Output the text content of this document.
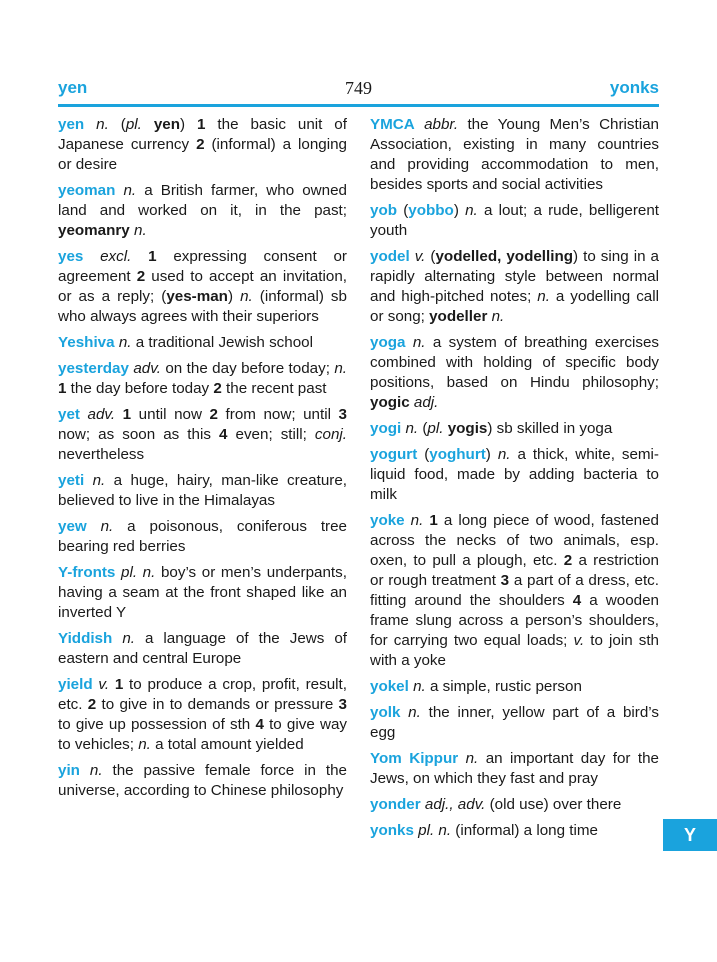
yen	749	yonks
yen n. (pl. yen) 1 the basic unit of Japanese currency 2 (informal) a longing or desire
yeoman n. a British farmer, who owned land and worked on it, in the past; yeomanry n.
yes excl. 1 expressing consent or agreement 2 used to accept an invitation, or as a reply; (yes-man) n. (informal) sb who always agrees with their superiors
Yeshiva n. a traditional Jewish school
yesterday adv. on the day before today; n. 1 the day before today 2 the recent past
yet adv. 1 until now 2 from now; until 3 now; as soon as this 4 even; still; conj. nevertheless
yeti n. a huge, hairy, man-like creature, believed to live in the Himalayas
yew n. a poisonous, coniferous tree bearing red berries
Y-fronts pl. n. boy’s or men’s underpants, having a seam at the front shaped like an inverted Y
Yiddish n. a language of the Jews of eastern and central Europe
yield v. 1 to produce a crop, profit, result, etc. 2 to give in to demands or pressure 3 to give up possession of sth 4 to give way to vehicles; n. a total amount yielded
yin n. the passive female force in the universe, according to Chinese philosophy
YMCA abbr. the Young Men’s Christian Association, existing in many countries and providing accommodation to men, besides sports and social activities
yob (yobbo) n. a lout; a rude, belligerent youth
yodel v. (yodelled, yodelling) to sing in a rapidly alternating style between normal and high-pitched notes; n. a yodelling call or song; yodeller n.
yoga n. a system of breathing exercises combined with holding of specific body positions, based on Hindu philosophy; yogic adj.
yogi n. (pl. yogis) sb skilled in yoga
yogurt (yoghurt) n. a thick, white, semi-liquid food, made by adding bacteria to milk
yoke n. 1 a long piece of wood, fastened across the necks of two animals, esp. oxen, to pull a plough, etc. 2 a restriction or rough treatment 3 a part of a dress, etc. fitting around the shoulders 4 a wooden frame slung across a person’s shoulders, for carrying two equal loads; v. to join sth with a yoke
yokel n. a simple, rustic person
yolk n. the inner, yellow part of a bird’s egg
Yom Kippur n. an important day for the Jews, on which they fast and pray
yonder adj., adv. (old use) over there
yonks pl. n. (informal) a long time	Y
